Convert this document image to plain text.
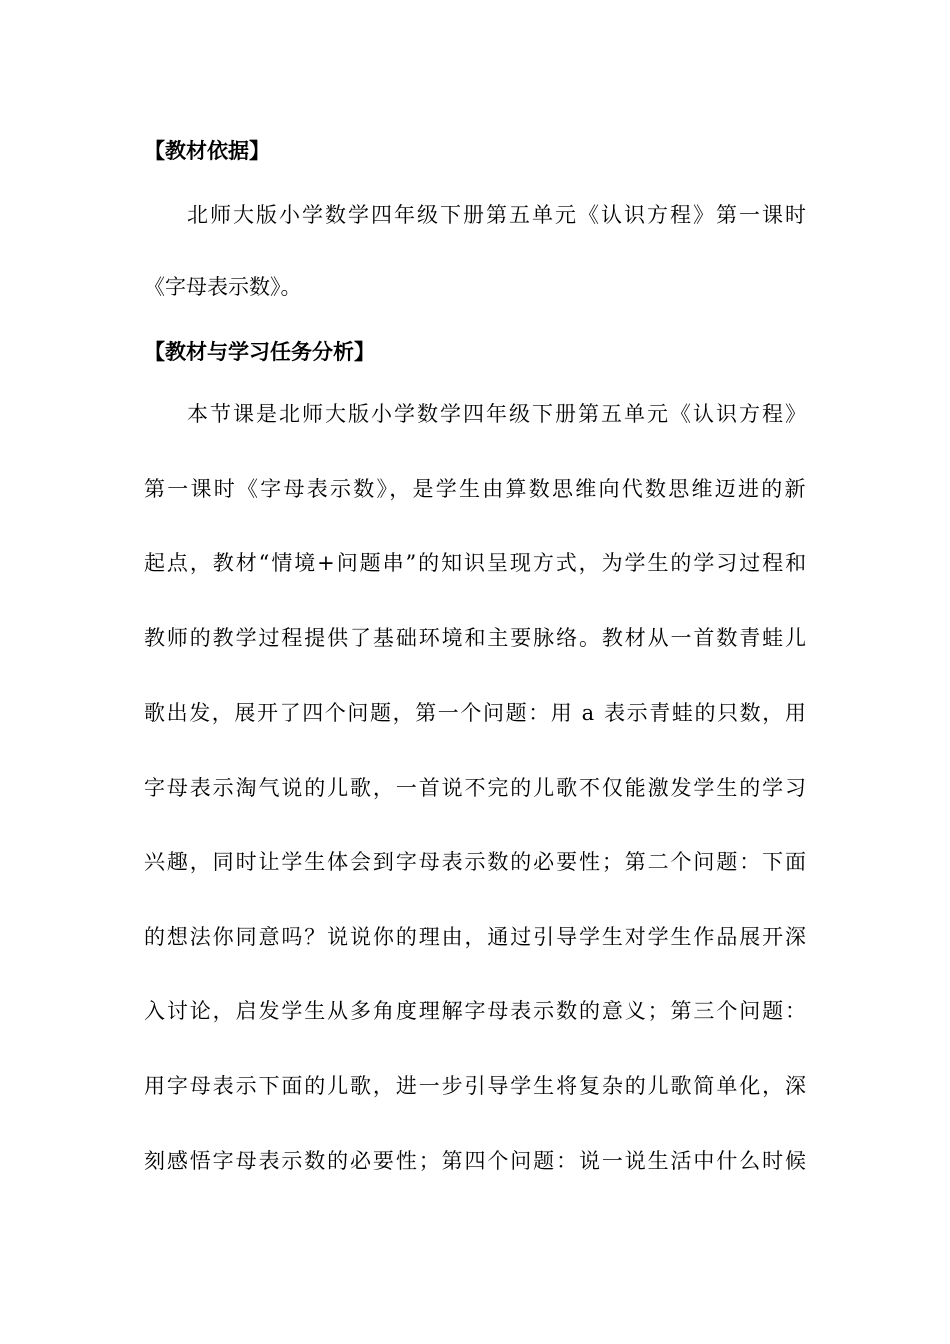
【教材依据】
北师大版小学数学四年级下册第五单元《认识方程》第一课时
《字母表示数》。
【教材与学习任务分析】
本节课是北师大版小学数学四年级下册第五单元《认识方程》
第一课时《字母表示数》，是学生由算数思维向代数思维迈进的新
起点，教材“情境+问题串”的知识呈现方式，为学生的学习过程和
教师的教学过程提供了基础环境和主要脉络。教材从一首数青蛙儿
歌出发，展开了四个问题，第一个问题：用 a 表示青蛙的只数，用
字母表示淘气说的儿歌，一首说不完的儿歌不仅能激发学生的学习
兴趣，同时让学生体会到字母表示数的必要性；第二个问题：下面
的想法你同意吗？说说你的理由，通过引导学生对学生作品展开深
入讨论，启发学生从多角度理解字母表示数的意义；第三个问题：
用字母表示下面的儿歌，进一步引导学生将复杂的儿歌简单化，深
刻感悟字母表示数的必要性；第四个问题：说一说生活中什么时候
